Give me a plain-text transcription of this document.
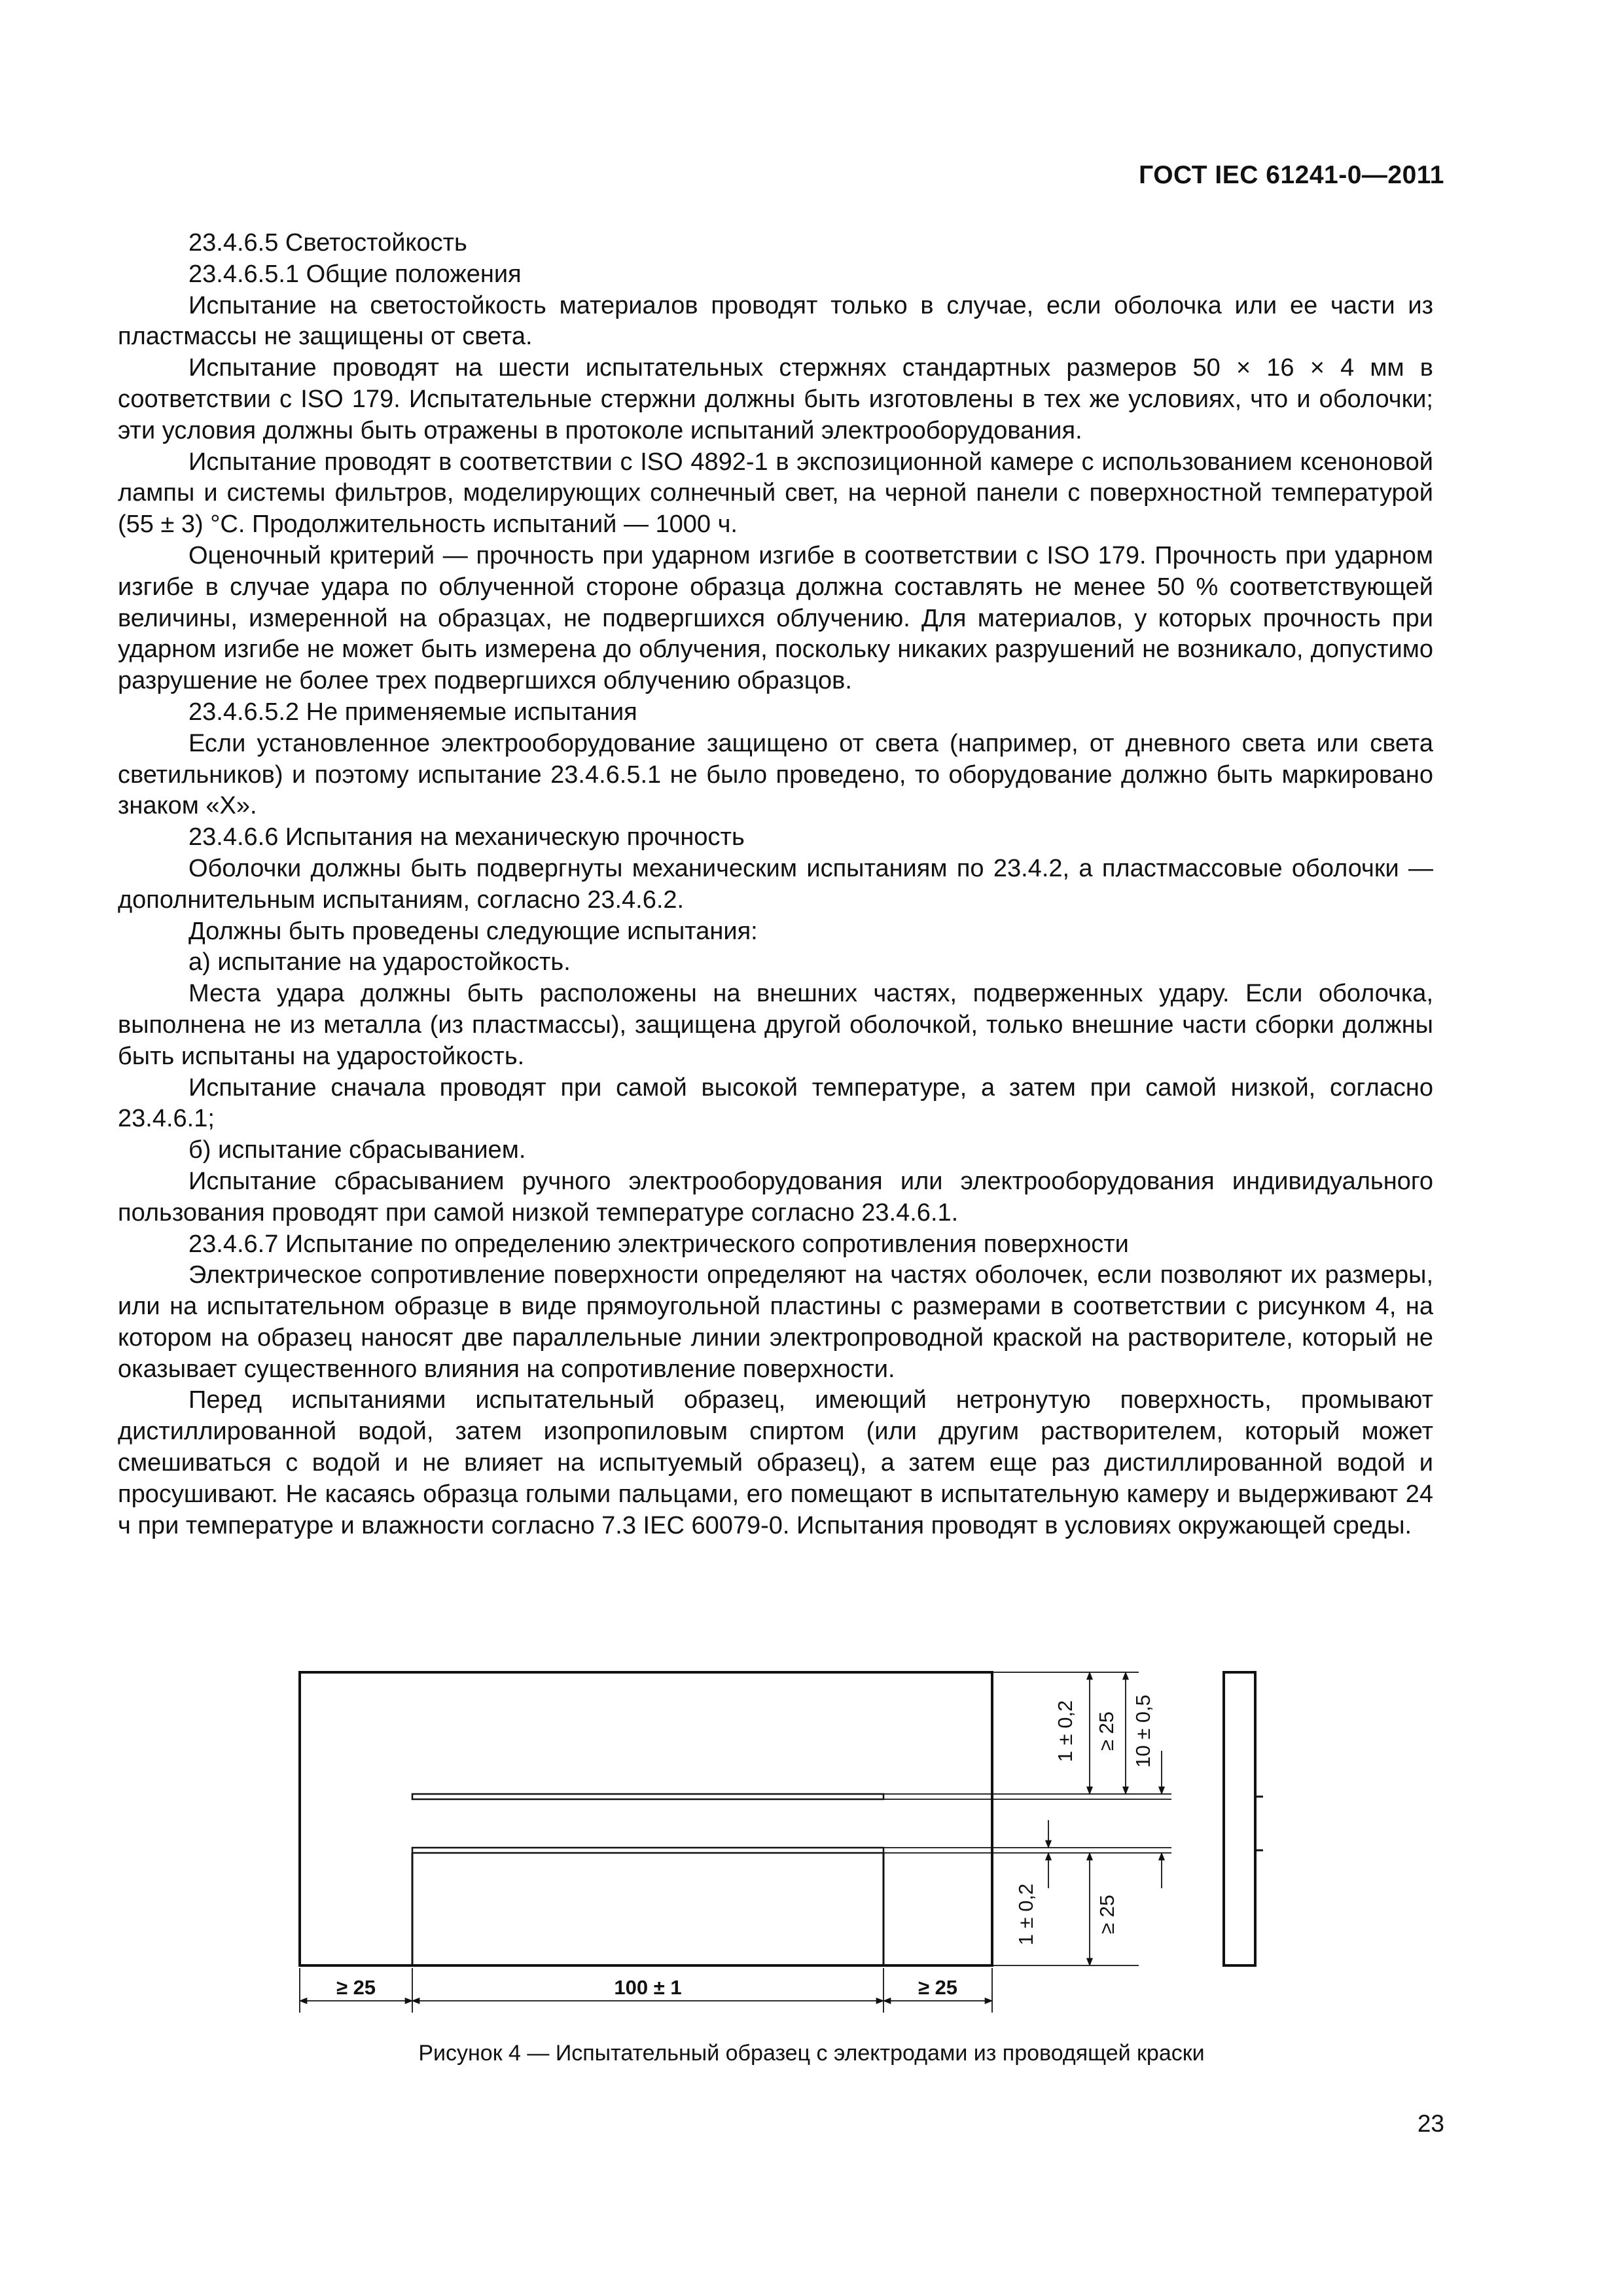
ГОСТ IEC 61241-0—2011

23.4.6.5 Светостойкость

23.4.6.5.1 Общие положения

Испытание на светостойкость материалов проводят только в случае, если оболочка или ее части из пластмассы не защищены от света.

Испытание проводят на шести испытательных стержнях стандартных размеров 50 × 16 × 4 мм в соответствии с ISO 179. Испытательные стержни должны быть изготовлены в тех же условиях, что и оболочки; эти условия должны быть отражены в протоколе испытаний электрооборудования.

Испытание проводят в соответствии с ISO 4892-1 в экспозиционной камере с использованием ксеноновой лампы и системы фильтров, моделирующих солнечный свет, на черной панели с поверхностной температурой (55 ± 3) °С. Продолжительность испытаний — 1000 ч.

Оценочный критерий — прочность при ударном изгибе в соответствии с ISO 179. Прочность при ударном изгибе в случае удара по облученной стороне образца должна составлять не менее 50 % соответствующей величины, измеренной на образцах, не подвергшихся облучению. Для материалов, у которых прочность при ударном изгибе не может быть измерена до облучения, поскольку никаких разрушений не возникало, допустимо разрушение не более трех подвергшихся облучению образцов.

23.4.6.5.2 Не применяемые испытания

Если установленное электрооборудование защищено от света (например, от дневного света или света светильников) и поэтому испытание 23.4.6.5.1 не было проведено, то оборудование должно быть маркировано знаком «Х».

23.4.6.6 Испытания на механическую прочность

Оболочки должны быть подвергнуты механическим испытаниям по 23.4.2, а пластмассовые оболочки — дополнительным испытаниям, согласно 23.4.6.2.

Должны быть проведены следующие испытания:

а) испытание на ударостойкость.

Места удара должны быть расположены на внешних частях, подверженных удару. Если оболочка, выполнена не из металла (из пластмассы), защищена другой оболочкой, только внешние части сборки должны быть испытаны на ударостойкость.

Испытание сначала проводят при самой высокой температуре, а затем при самой низкой, согласно 23.4.6.1;

б) испытание сбрасыванием.

Испытание сбрасыванием ручного электрооборудования или электрооборудования индивидуального пользования проводят при самой низкой температуре согласно 23.4.6.1.

23.4.6.7 Испытание по определению электрического сопротивления поверхности

Электрическое сопротивление поверхности определяют на частях оболочек, если позволяют их размеры, или на испытательном образце в виде прямоугольной пластины с размерами в соответствии с рисунком 4, на котором на образец наносят две параллельные линии электропроводной краской на растворителе, который не оказывает существенного влияния на сопротивление поверхности.

Перед испытаниями испытательный образец, имеющий нетронутую поверхность, промывают дистиллированной водой, затем изопропиловым спиртом (или другим растворителем, который может смешиваться с водой и не влияет на испытуемый образец), а затем еще раз дистиллированной водой и просушивают. Не касаясь образца голыми пальцами, его помещают в испытательную камеру и выдерживают 24 ч при температуре и влажности согласно 7.3 IEC 60079-0. Испытания проводят в условиях окружающей среды.

1 ± 0,2 ≥ 25 10 ± 0,5
1 ± 0,2	≥ 25
≥ 25	100 ± 1	≥ 25
Рисунок 4 — Испытательный образец с электродами из проводящей краски
23
